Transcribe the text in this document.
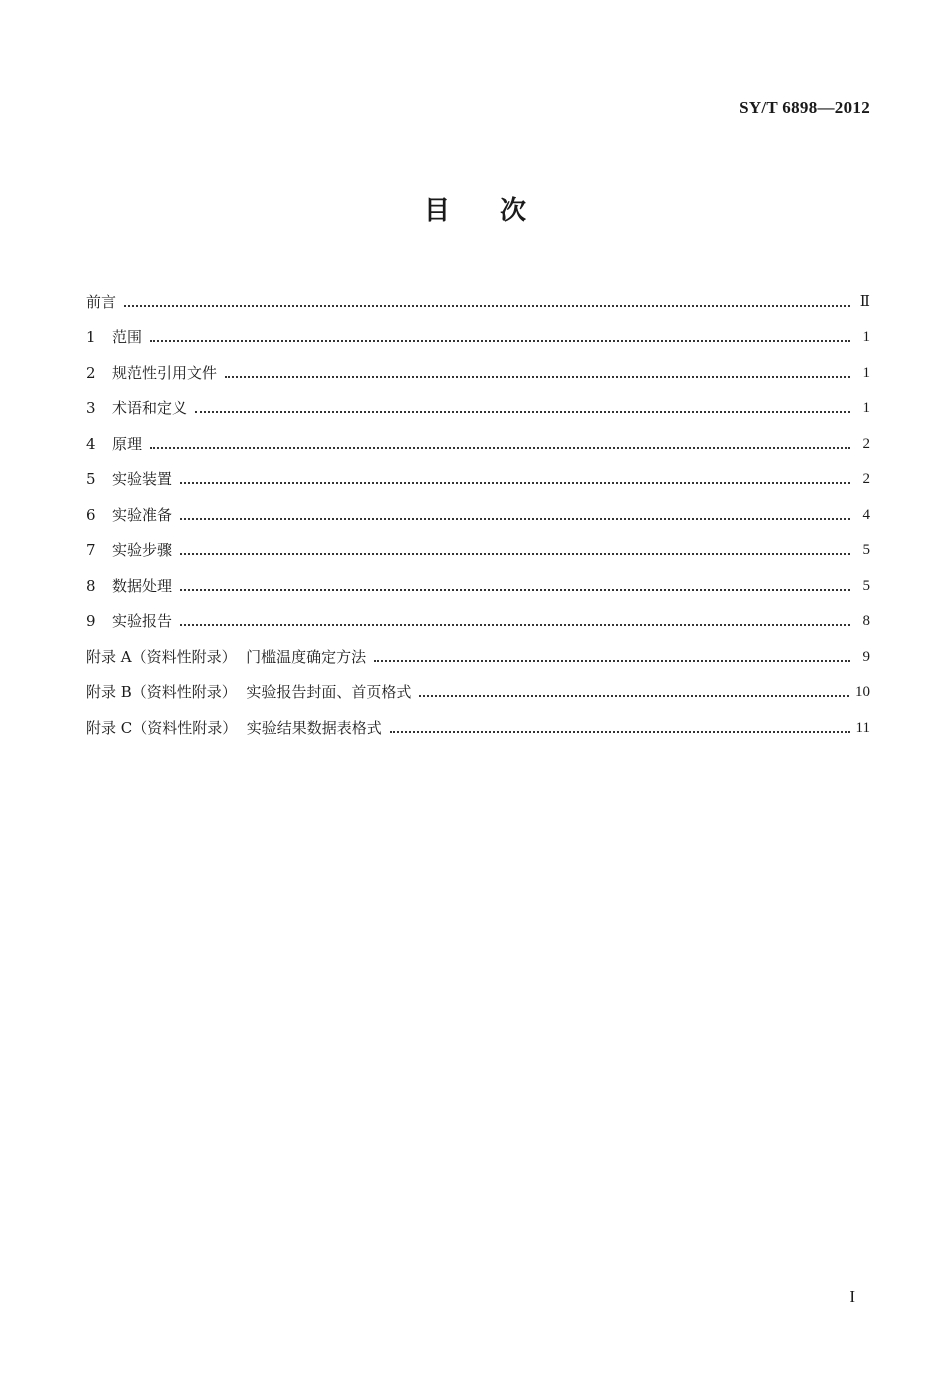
SY/T 6898—2012
目次
前言	Ⅱ
1	范围	1
2	规范性引用文件	1
3	术语和定义	1
4	原理	2
5	实验装置	2
6	实验准备	4
7	实验步骤	5
8	数据处理	5
9	实验报告	8
附录 A（资料性附录）  门槛温度确定方法	9
附录 B（资料性附录）  实验报告封面、首页格式	10
附录 C（资料性附录）  实验结果数据表格式	11
I
